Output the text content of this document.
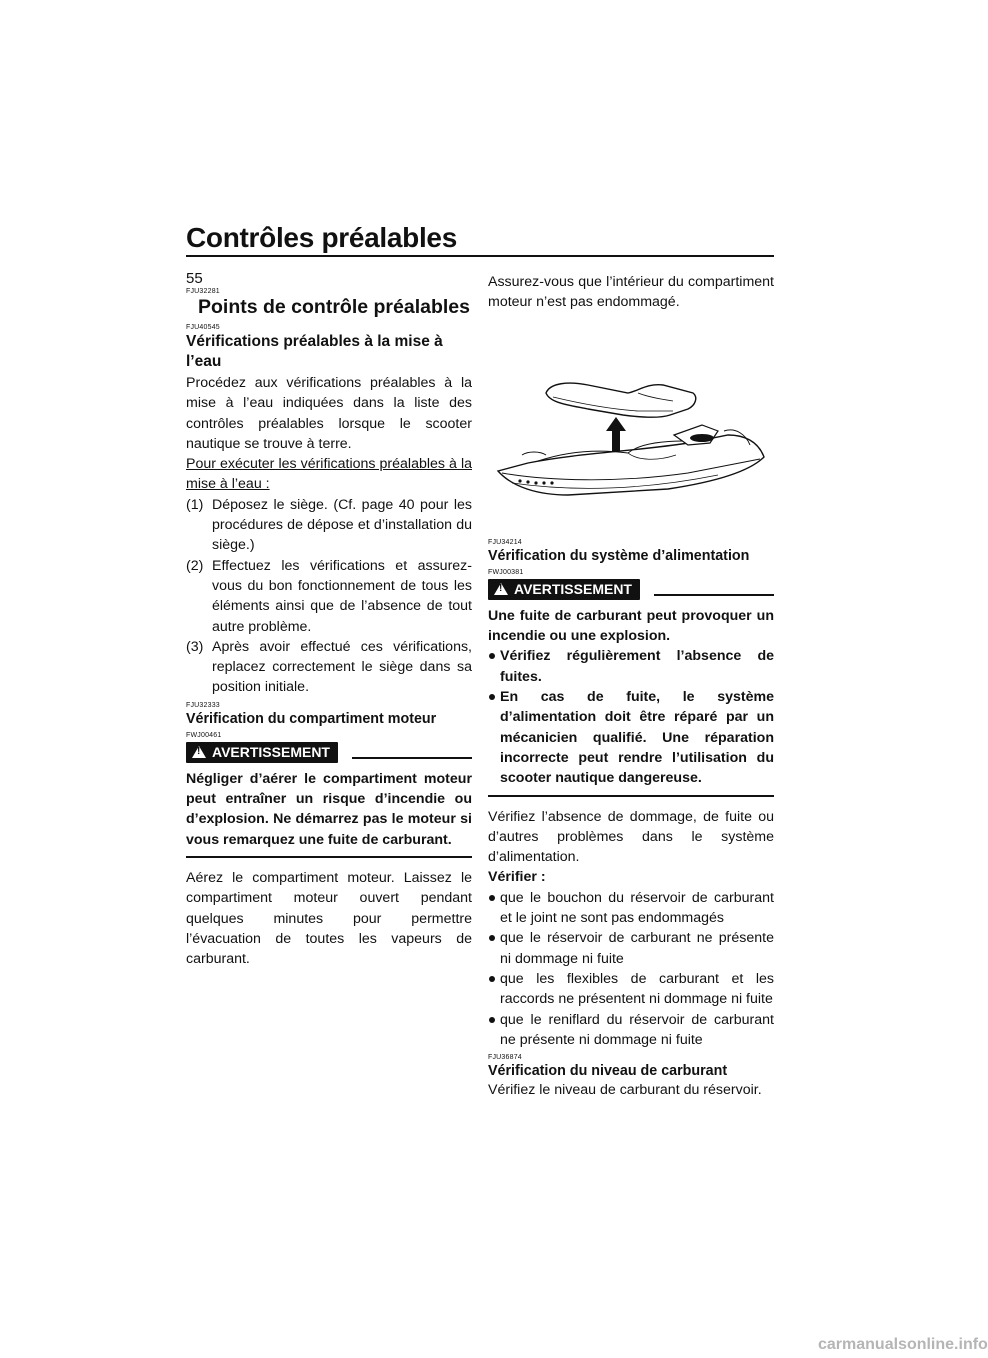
Contrôles préalables
55
FJU32281
Points de contrôle préalables
FJU40545
Vérifications préalables à la mise à l’eau

Procédez aux vérifications préalables à la mise à l’eau indiquées dans la liste des contrôles préalables lorsque le scooter nautique se trouve à terre.

Pour exécuter les vérifications préalables à la mise à l’eau :

(1) Déposez le siège. (Cf. page 40 pour les procédures de dépose et d’installation du siège.)
(2) Effectuez les vérifications et assurez-vous du bon fonctionnement de tous les éléments ainsi que de l’absence de tout autre problème.
(3) Après avoir effectué ces vérifications, replacez correctement le siège dans sa position initiale.
FJU32333
Vérification du compartiment moteur
FWJ00461
! AVERTISSEMENT

Négliger d’aérer le compartiment moteur peut entraîner un risque d’incendie ou d’explosion. Ne démarrez pas le moteur si vous remarquez une fuite de carburant.

Aérez le compartiment moteur. Laissez le compartiment moteur ouvert pendant quelques minutes pour permettre l’évacuation de toutes les vapeurs de carburant.

Assurez-vous que l’intérieur du compartiment moteur n’est pas endommagé.

FJU34214
Vérification du système d’alimentation
FWJ00381
! AVERTISSEMENT

Une fuite de carburant peut provoquer un incendie ou une explosion.

Vérifiez régulièrement l’absence de fuites.
En cas de fuite, le système d’alimentation doit être réparé par un mécanicien qualifié. Une réparation incorrecte peut rendre l’utilisation du scooter nautique dangereuse.

Vérifiez l’absence de dommage, de fuite ou d’autres problèmes dans le système d’alimentation.

Vérifier :
que le bouchon du réservoir de carburant et le joint ne sont pas endommagés
que le réservoir de carburant ne présente ni dommage ni fuite
que les flexibles de carburant et les raccords ne présentent ni dommage ni fuite
que le reniflard du réservoir de carburant ne présente ni dommage ni fuite
FJU36874
Vérification du niveau de carburant

Vérifiez le niveau de carburant du réservoir.

carmanualsonline.info
